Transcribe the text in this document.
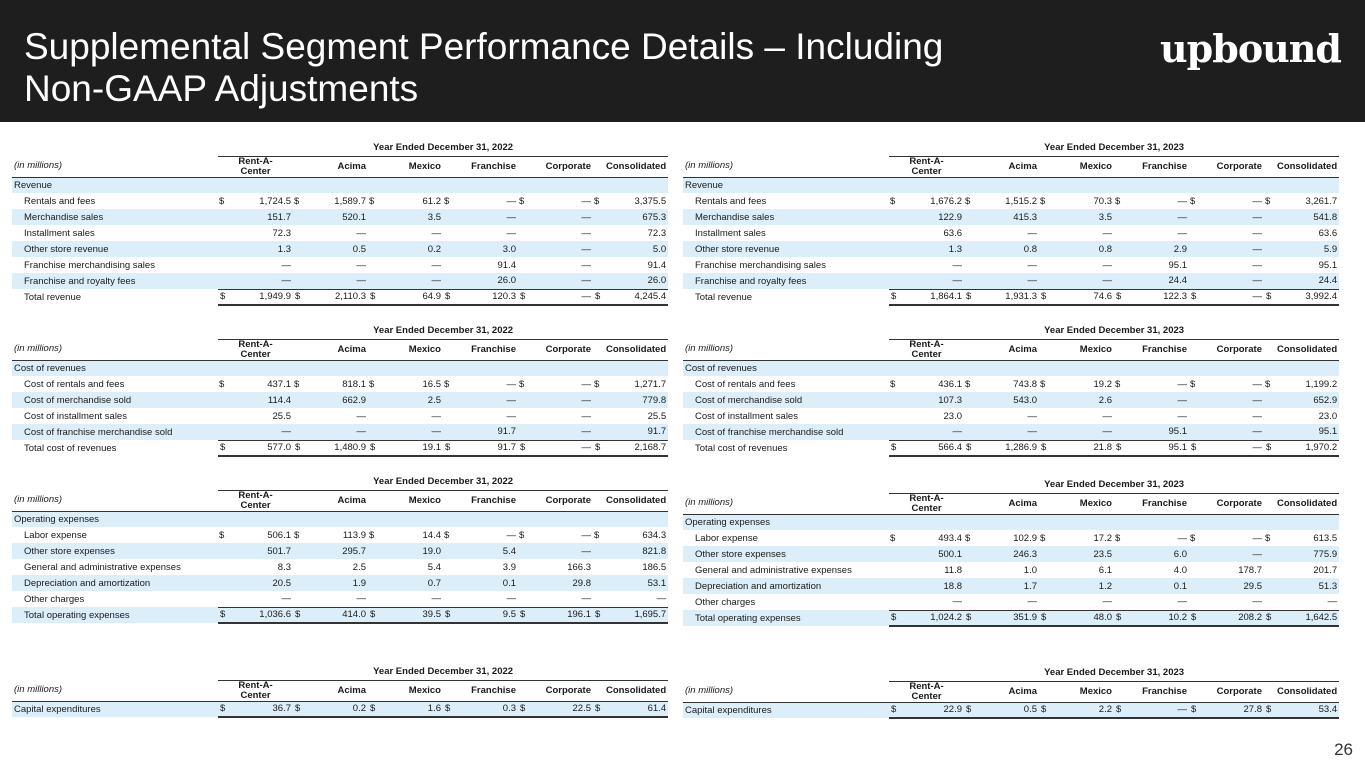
Supplemental Segment Performance Details – Including
Non-GAAP Adjustments
upbound
	Year Ended December 31, 2022											
(in millions)	Rent-A-
Center		Acima		Mexico		Franchise		Corporate		Consolidated	
Revenue												
Rentals and fees	$	1,724.5	$	1,589.7	$	61.2	$	—	$	—	$	3,375.5
Merchandise sales		151.7		520.1		3.5		—		—		675.3
Installment sales		72.3		—		—		—		—		72.3
Other store revenue		1.3		0.5		0.2		3.0		—		5.0
Franchise merchandising sales		—		—		—		91.4		—		91.4
Franchise and royalty fees		—		—		—		26.0		—		26.0
Total revenue	$	1,949.9	$	2,110.3	$	64.9	$	120.3	$	—	$	4,245.4
	Year Ended December 31, 2022											
(in millions)	Rent-A-
Center		Acima		Mexico		Franchise		Corporate		Consolidated	
Cost of revenues												
Cost of rentals and fees	$	437.1	$	818.1	$	16.5	$	—	$	—	$	1,271.7
Cost of merchandise sold		114.4		662.9		2.5		—		—		779.8
Cost of installment sales		25.5		—		—		—		—		25.5
Cost of franchise merchandise sold		—		—		—		91.7		—		91.7
Total cost of revenues	$	577.0	$	1,480.9	$	19.1	$	91.7	$	—	$	2,168.7
	Year Ended December 31, 2022											
(in millions)	Rent-A-
Center		Acima		Mexico		Franchise		Corporate		Consolidated	
Operating expenses												
Labor expense	$	506.1	$	113.9	$	14.4	$	—	$	—	$	634.3
Other store expenses		501.7		295.7		19.0		5.4		—		821.8
General and administrative expenses		8.3		2.5		5.4		3.9		166.3		186.5
Depreciation and amortization		20.5		1.9		0.7		0.1		29.8		53.1
Other charges		—		—		—		—		—		—
Total operating expenses	$	1,036.6	$	414.0	$	39.5	$	9.5	$	196.1	$	1,695.7
	Year Ended December 31, 2022											
(in millions)	Rent-A-
Center		Acima		Mexico		Franchise		Corporate		Consolidated	
Capital expenditures	$	36.7	$	0.2	$	1.6	$	0.3	$	22.5	$	61.4
	Year Ended December 31, 2023											
(in millions)	Rent-A-
Center		Acima		Mexico		Franchise		Corporate		Consolidated	
Revenue												
Rentals and fees	$	1,676.2	$	1,515.2	$	70.3	$	—	$	—	$	3,261.7
Merchandise sales		122.9		415.3		3.5		—		—		541.8
Installment sales		63.6		—		—		—		—		63.6
Other store revenue		1.3		0.8		0.8		2.9		—		5.9
Franchise merchandising sales		—		—		—		95.1		—		95.1
Franchise and royalty fees		—		—		—		24.4		—		24.4
Total revenue	$	1,864.1	$	1,931.3	$	74.6	$	122.3	$	—	$	3,992.4
	Year Ended December 31, 2023											
(in millions)	Rent-A-
Center		Acima		Mexico		Franchise		Corporate		Consolidated	
Cost of revenues												
Cost of rentals and fees	$	436.1	$	743.8	$	19.2	$	—	$	—	$	1,199.2
Cost of merchandise sold		107.3		543.0		2.6		—		—		652.9
Cost of installment sales		23.0		—		—		—		—		23.0
Cost of franchise merchandise sold		—		—		—		95.1		—		95.1
Total cost of revenues	$	566.4	$	1,286.9	$	21.8	$	95.1	$	—	$	1,970.2
	Year Ended December 31, 2023											
(in millions)	Rent-A-
Center		Acima		Mexico		Franchise		Corporate		Consolidated	
Operating expenses												
Labor expense	$	493.4	$	102.9	$	17.2	$	—	$	—	$	613.5
Other store expenses		500.1		246.3		23.5		6.0		—		775.9
General and administrative expenses		11.8		1.0		6.1		4.0		178.7		201.7
Depreciation and amortization		18.8		1.7		1.2		0.1		29.5		51.3
Other charges		—		—		—		—		—		—
Total operating expenses	$	1,024.2	$	351.9	$	48.0	$	10.2	$	208.2	$	1,642.5
	Year Ended December 31, 2023											
(in millions)	Rent-A-
Center		Acima		Mexico		Franchise		Corporate		Consolidated	
Capital expenditures	$	22.9	$	0.5	$	2.2	$	—	$	27.8	$	53.4
26
